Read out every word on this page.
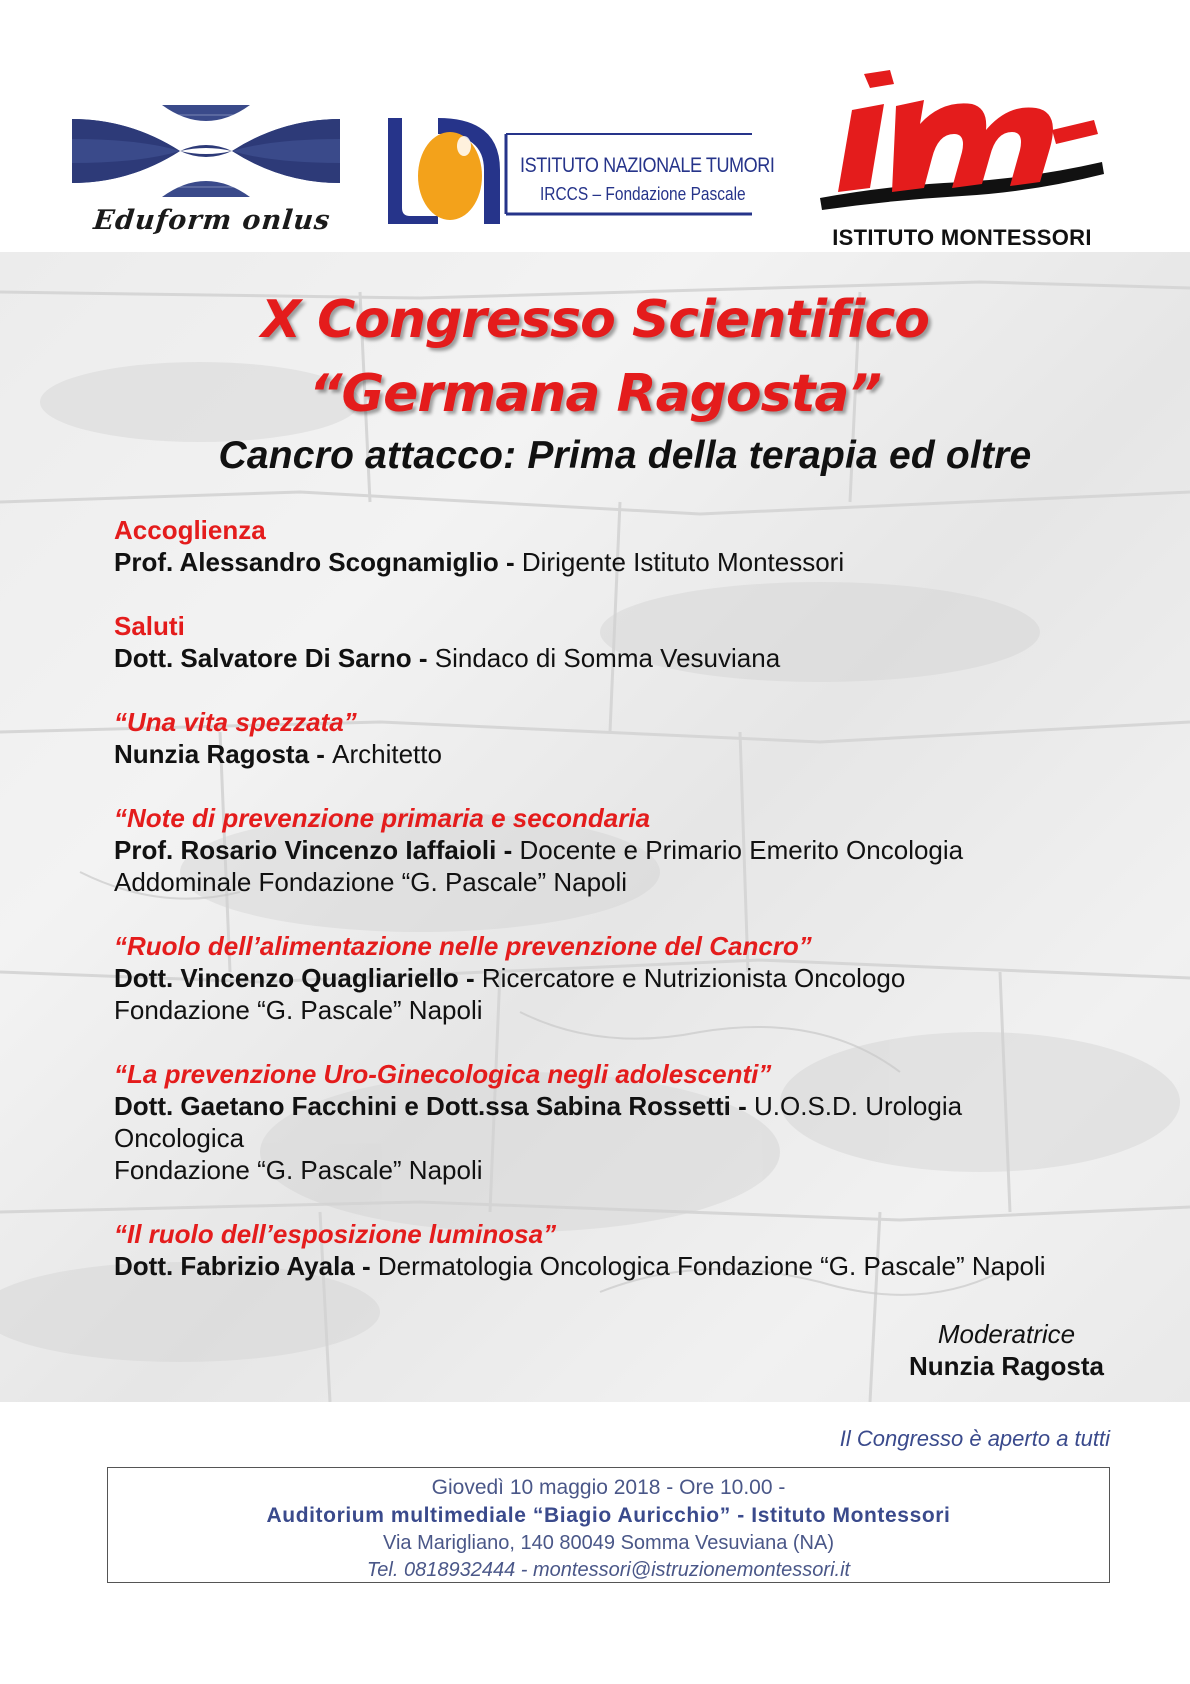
Eduform onlus
ISTITUTO NAZIONALE TUMORI
IRCCS – Fondazione Pascale
ISTITUTO MONTESSORI
X Congresso Scientifico
“Germana Ragosta”
Cancro attacco: Prima della terapia ed oltre
Accoglienza
Prof. Alessandro Scognamiglio - Dirigente Istituto Montessori
Saluti
Dott. Salvatore Di Sarno - Sindaco di Somma Vesuviana
“Una vita spezzata”
Nunzia Ragosta - Architetto
“Note di prevenzione primaria e secondaria
Prof. Rosario Vincenzo Iaffaioli - Docente e Primario Emerito Oncologia Addominale Fondazione “G. Pascale” Napoli
“Ruolo dell’alimentazione nelle prevenzione del Cancro”
Dott. Vincenzo Quagliariello - Ricercatore e Nutrizionista Oncologo
Fondazione “G. Pascale” Napoli
“La prevenzione Uro-Ginecologica negli adolescenti”
Dott. Gaetano Facchini e Dott.ssa Sabina Rossetti - U.O.S.D. Urologia Oncologica
Fondazione “G. Pascale” Napoli
“Il ruolo dell’esposizione luminosa”
Dott. Fabrizio Ayala - Dermatologia Oncologica Fondazione “G. Pascale” Napoli
Moderatrice
Nunzia Ragosta
Il Congresso è aperto a tutti
Giovedì 10 maggio 2018 - Ore 10.00 -
Auditorium multimediale “Biagio Auricchio” - Istituto Montessori
Via Marigliano, 140 80049 Somma Vesuviana (NA)
Tel. 0818932444 - montessori@istruzionemontessori.it
